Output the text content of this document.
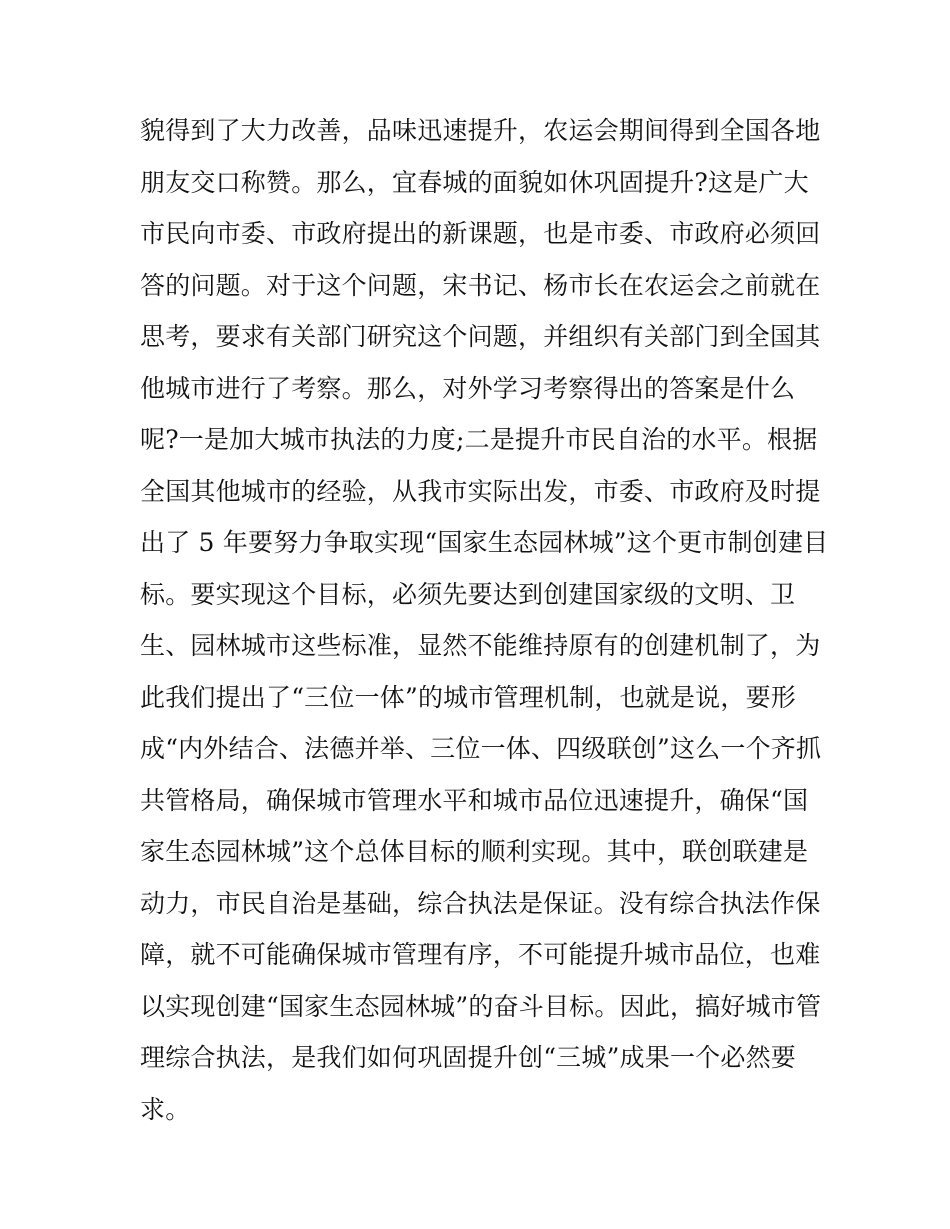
貌得到了大力改善，品味迅速提升，农运会期间得到全国各地
朋友交口称赞。那么，宜春城的面貌如休巩固提升?这是广大
市民向市委、市政府提出的新课题，也是市委、市政府必须回
答的问题。对于这个问题，宋书记、杨市长在农运会之前就在
思考，要求有关部门研究这个问题，并组织有关部门到全国其
他城市进行了考察。那么，对外学习考察得出的答案是什么
呢?一是加大城市执法的力度;二是提升市民自治的水平。根据
全国其他城市的经验，从我市实际出发，市委、市政府及时提
出了 5 年要努力争取实现“国家生态园林城”这个更市制创建目
标。要实现这个目标，必须先要达到创建国家级的文明、卫
生、园林城市这些标准，显然不能维持原有的创建机制了，为
此我们提出了“三位一体”的城市管理机制，也就是说，要形
成“内外结合、法德并举、三位一体、四级联创”这么一个齐抓
共管格局，确保城市管理水平和城市品位迅速提升，确保“国
家生态园林城”这个总体目标的顺利实现。其中，联创联建是
动力，市民自治是基础，综合执法是保证。没有综合执法作保
障，就不可能确保城市管理有序，不可能提升城市品位，也难
以实现创建“国家生态园林城”的奋斗目标。因此，搞好城市管
理综合执法，是我们如何巩固提升创“三城”成果一个必然要
求。
